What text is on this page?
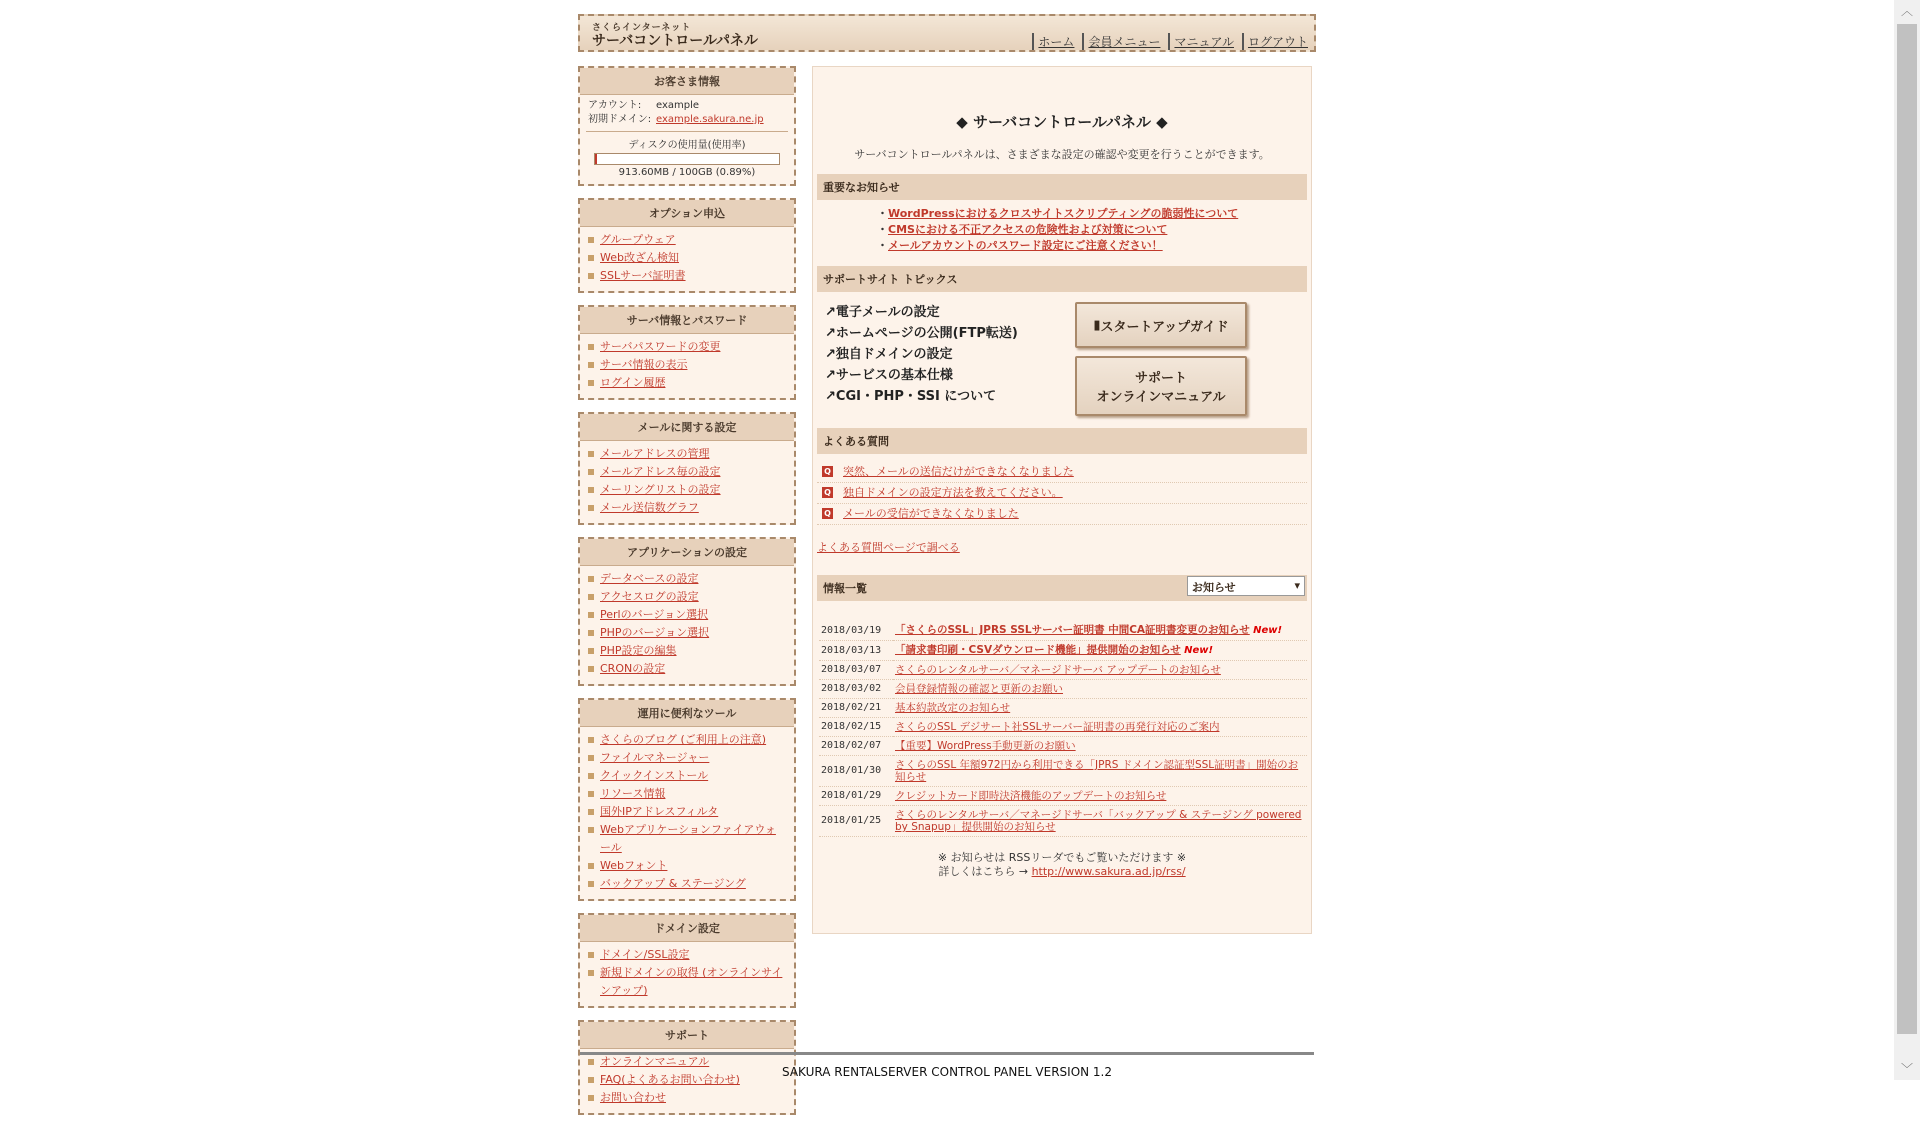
さくらインターネット
サーバコントロールパネル	ホーム	会員メニュー	マニュアル	ログアウト
お客さま情報
アカウント:	example
初期ドメイン: example.sakura.ne.jp
ディスクの使用量(使用率)
913.60MB / 100GB (0.89%)
オプション申込
グループウェア
Web改ざん検知
SSLサーバ証明書
サーバ情報とパスワード
サーバパスワードの変更
サーバ情報の表示
ログイン履歴
メールに関する設定
メールアドレスの管理
メールアドレス毎の設定
メーリングリストの設定
メール送信数グラフ
アプリケーションの設定
データベースの設定
アクセスログの設定
Perlのバージョン選択
PHPのバージョン選択
PHP設定の編集
CRONの設定
運用に便利なツール
さくらのブログ (ご利用上の注意)
ファイルマネージャー
クイックインストール
リソース情報
国外IPアドレスフィルタ
Webアプリケーションファイアウォール
Webフォント
バックアップ & ステージング
ドメイン設定
ドメイン/SSL設定
新規ドメインの取得 (オンラインサインアップ)
サポート
オンラインマニュアル
FAQ(よくあるお問い合わせ)
お問い合わせ
◆ サーバコントロールパネル ◆
サーバコントロールパネルは、さまざまな設定の確認や変更を行うことができます。
重要なお知らせ
・ WordPressにおけるクロスサイトスクリプティングの脆弱性について
・ CMSにおける不正アクセスの危険性および対策について
・ メールアカウントのパスワード設定にご注意ください！
サポートサイト トピックス
↗電子メールの設定
↗ホームページの公開(FTP転送)
↗独自ドメインの設定
↗サービスの基本仕様
↗CGI・PHP・SSI について
▮ スタートアップガイド
サポート
オンラインマニュアル
よくある質問
Q 突然、メールの送信だけができなくなりました
Q 独自ドメインの設定方法を教えてください。
Q メールの受信ができなくなりました
よくある質問ページで調べる
情報一覧	お知らせ	▾
2018/03/19	「さくらのSSL」JPRS SSLサーバー証明書 中間CA証明書変更のお知らせ New!
2018/03/13	「請求書印刷・CSVダウンロード機能」提供開始のお知らせ New!
2018/03/07	さくらのレンタルサーバ／マネージドサーバ アップデートのお知らせ
2018/03/02	会員登録情報の確認と更新のお願い
2018/02/21	基本約款改定のお知らせ
2018/02/15	さくらのSSL デジサート社SSLサーバー証明書の再発行対応のご案内
2018/02/07	【重要】WordPress手動更新のお願い
2018/01/30	さくらのSSL 年額972円から利用できる「JPRS ドメイン認証型SSL証明書」開始のお知らせ
2018/01/29	クレジットカード即時決済機能のアップデートのお知らせ
2018/01/25	さくらのレンタルサーバ／マネージドサーバ「バックアップ & ステージング powered by Snapup」提供開始のお知らせ
※ お知らせは RSSリーダでもご覧いただけます ※
詳しくはこちら → http://www.sakura.ad.jp/rss/
SAKURA RENTALSERVER CONTROL PANEL VERSION 1.2
︿
﹀
